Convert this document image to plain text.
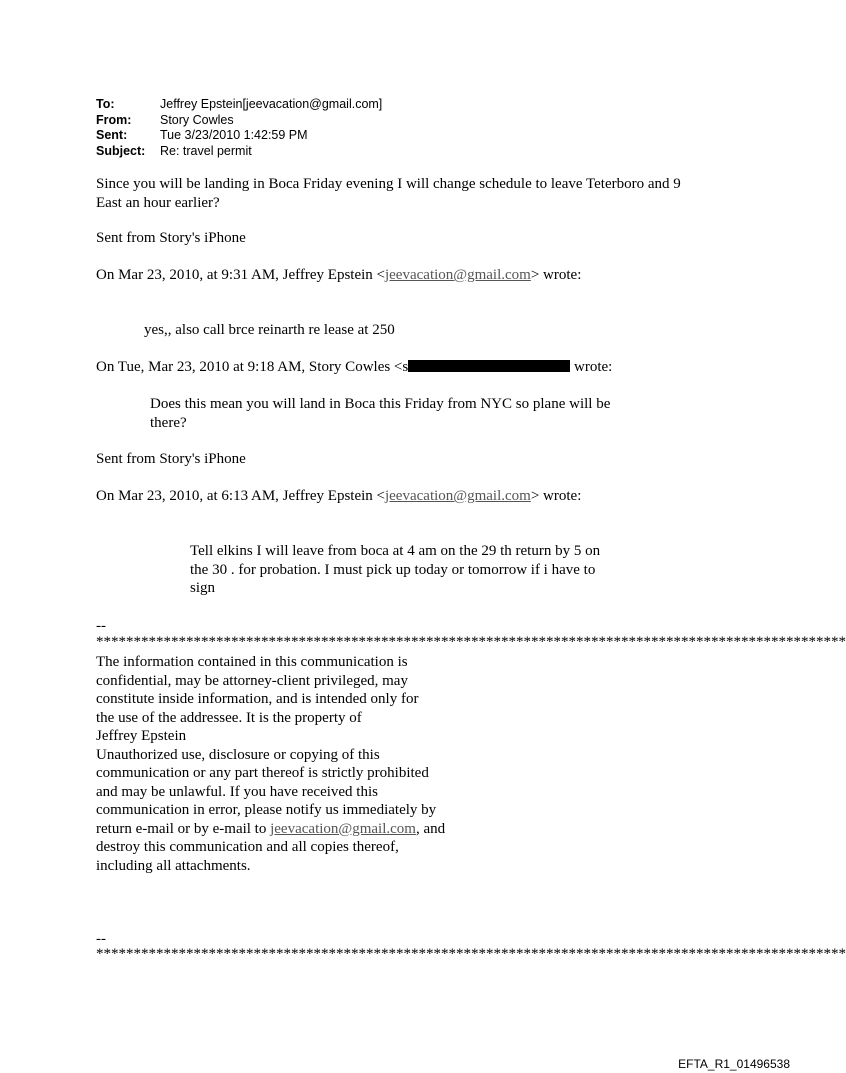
To:	Jeffrey Epstein[jeevacation@gmail.com]
From:	Story Cowles
Sent:	Tue 3/23/2010 1:42:59 PM
Subject:	Re: travel permit
Since you will be landing in Boca Friday evening I will change schedule to leave Teterboro and 9
East an hour earlier?
Sent from Story's iPhone
On Mar 23, 2010, at 9:31 AM, Jeffrey Epstein <jeevacation@gmail.com> wrote:
yes,, also call brce reinarth re lease at 250
On Tue, Mar 23, 2010 at 9:18 AM, Story Cowles <s	wrote:
Does this mean you will land in Boca this Friday from NYC so plane will be
there?
Sent from Story's iPhone
On Mar 23, 2010, at 6:13 AM, Jeffrey Epstein <jeevacation@gmail.com> wrote:
Tell elkins I will leave from boca at 4 am on the 29 th return by 5 on
the 30 . for probation. I must pick up today or tomorrow if i have to
sign
--
****************************************************************************************************
The information contained in this communication is
confidential, may be attorney-client privileged, may
constitute inside information, and is intended only for
the use of the addressee. It is the property of
Jeffrey Epstein
Unauthorized use, disclosure or copying of this
communication or any part thereof is strictly prohibited
and may be unlawful. If you have received this
communication in error, please notify us immediately by
return e-mail or by e-mail to jeevacation@gmail.com, and
destroy this communication and all copies thereof,
including all attachments.
--
****************************************************************************************************
EFTA_R1_01496538
